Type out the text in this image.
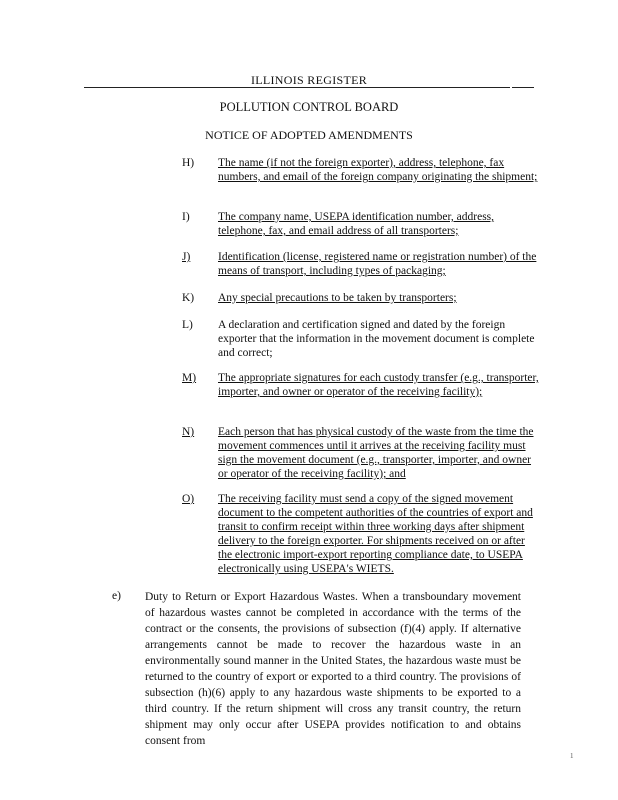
ILLINOIS REGISTER
POLLUTION CONTROL BOARD
NOTICE OF ADOPTED AMENDMENTS
H) The name (if not the foreign exporter), address, telephone, fax numbers, and email of the foreign company originating the shipment;
I) The company name, USEPA identification number, address, telephone, fax, and email address of all transporters;
J) Identification (license, registered name or registration number) of the means of transport, including types of packaging;
K) Any special precautions to be taken by transporters;
L) A declaration and certification signed and dated by the foreign exporter that the information in the movement document is complete and correct;
M) The appropriate signatures for each custody transfer (e.g., transporter, importer, and owner or operator of the receiving facility);
N) Each person that has physical custody of the waste from the time the movement commences until it arrives at the receiving facility must sign the movement document (e.g., transporter, importer, and owner or operator of the receiving facility); and
O) The receiving facility must send a copy of the signed movement document to the competent authorities of the countries of export and transit to confirm receipt within three working days after shipment delivery to the foreign exporter. For shipments received on or after the electronic import-export reporting compliance date, to USEPA electronically using USEPA's WIETS.
e) Duty to Return or Export Hazardous Wastes. When a transboundary movement of hazardous wastes cannot be completed in accordance with the terms of the contract or the consents, the provisions of subsection (f)(4) apply. If alternative arrangements cannot be made to recover the hazardous waste in an environmentally sound manner in the United States, the hazardous waste must be returned to the country of export or exported to a third country. The provisions of subsection (h)(6) apply to any hazardous waste shipments to be exported to a third country. If the return shipment will cross any transit country, the return shipment may only occur after USEPA provides notification to and obtains consent from
1
